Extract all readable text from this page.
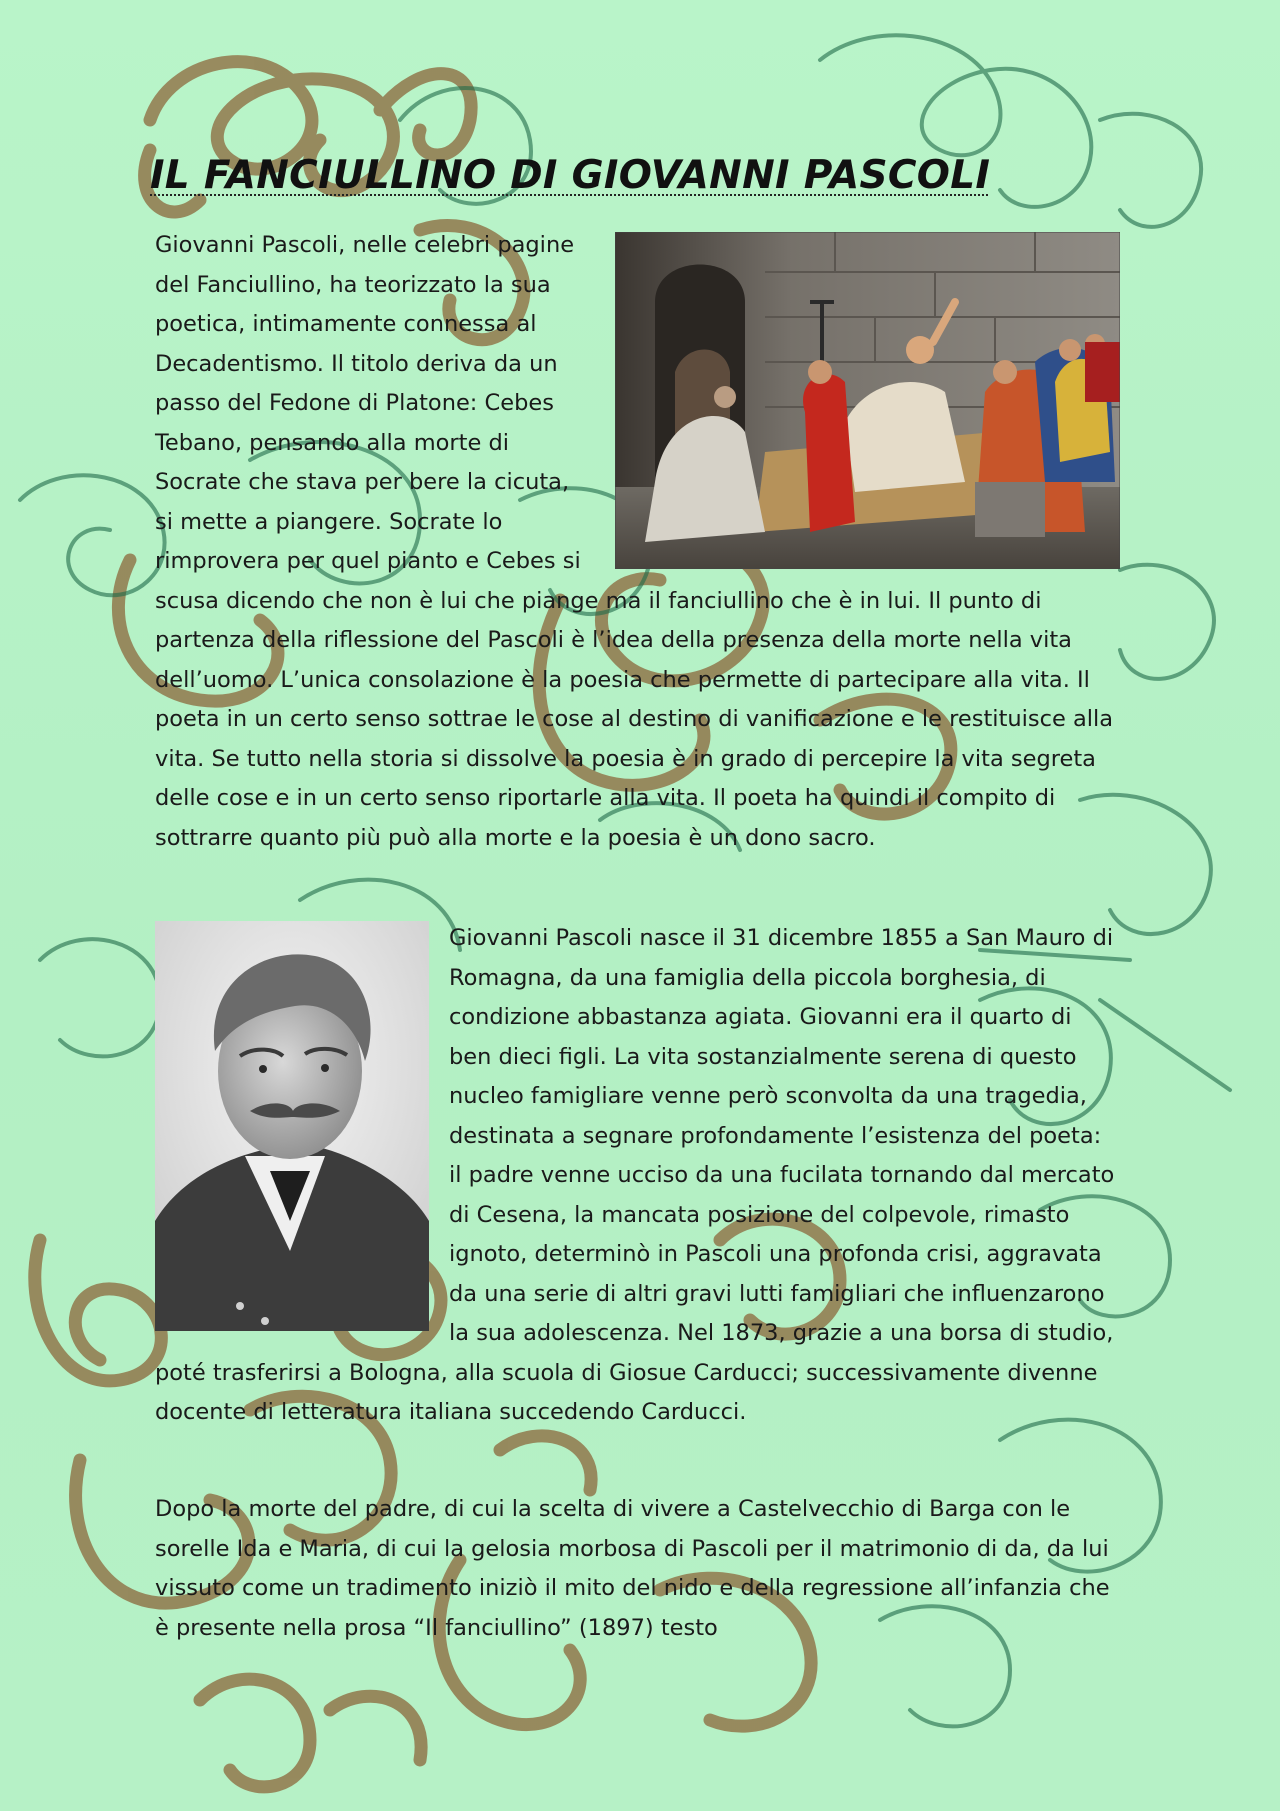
IL FANCIULLINO DI GIOVANNI PASCOLI

Giovanni Pascoli, nelle celebri pagine del Fanciullino, ha teorizzato la sua poetica, intimamente connessa al Decadentismo. Il titolo deriva da un passo del Fedone di Platone: Cebes Tebano, pensando alla morte di Socrate che stava per bere la cicuta, si mette a piangere. Socrate lo rimprovera per quel pianto e Cebes si scusa dicendo che non è lui che piange ma il fanciullino che è in lui. Il punto di partenza della riflessione del Pascoli è l’idea della presenza della morte nella vita dell’uomo. L’unica consolazione è la poesia che permette di partecipare alla vita. Il poeta in un certo senso sottrae le cose al destino di vanificazione e le restituisce alla vita. Se tutto nella storia si dissolve la poesia è in grado di percepire la vita segreta delle cose e in un certo senso riportarle alla vita. Il poeta ha quindi il compito di sottrarre quanto più può alla morte e la poesia è un dono sacro.

Giovanni Pascoli nasce il 31 dicembre 1855 a San Mauro di Romagna, da una famiglia della piccola borghesia, di condizione abbastanza agiata. Giovanni era il quarto di ben dieci figli. La vita sostanzialmente serena di questo nucleo famigliare venne però sconvolta da una tragedia, destinata a segnare profondamente l’esistenza del poeta: il padre venne ucciso da una fucilata tornando dal mercato di Cesena, la mancata posizione del colpevole, rimasto ignoto, determinò in Pascoli una profonda crisi, aggravata da una serie di altri gravi lutti famigliari che influenzarono la sua adolescenza. Nel 1873, grazie a una borsa di studio, poté trasferirsi a Bologna, alla scuola di Giosue Carducci; successivamente divenne docente di letteratura italiana succedendo Carducci.

Dopo la morte del padre, di cui la scelta di vivere a Castelvecchio di Barga con le sorelle Ida e Maria, di cui la gelosia morbosa di Pascoli per il matrimonio di da, da lui vissuto come un tradimento iniziò il mito del nido e della regressione all’infanzia che è presente nella prosa “Il fanciullino” (1897) testo
